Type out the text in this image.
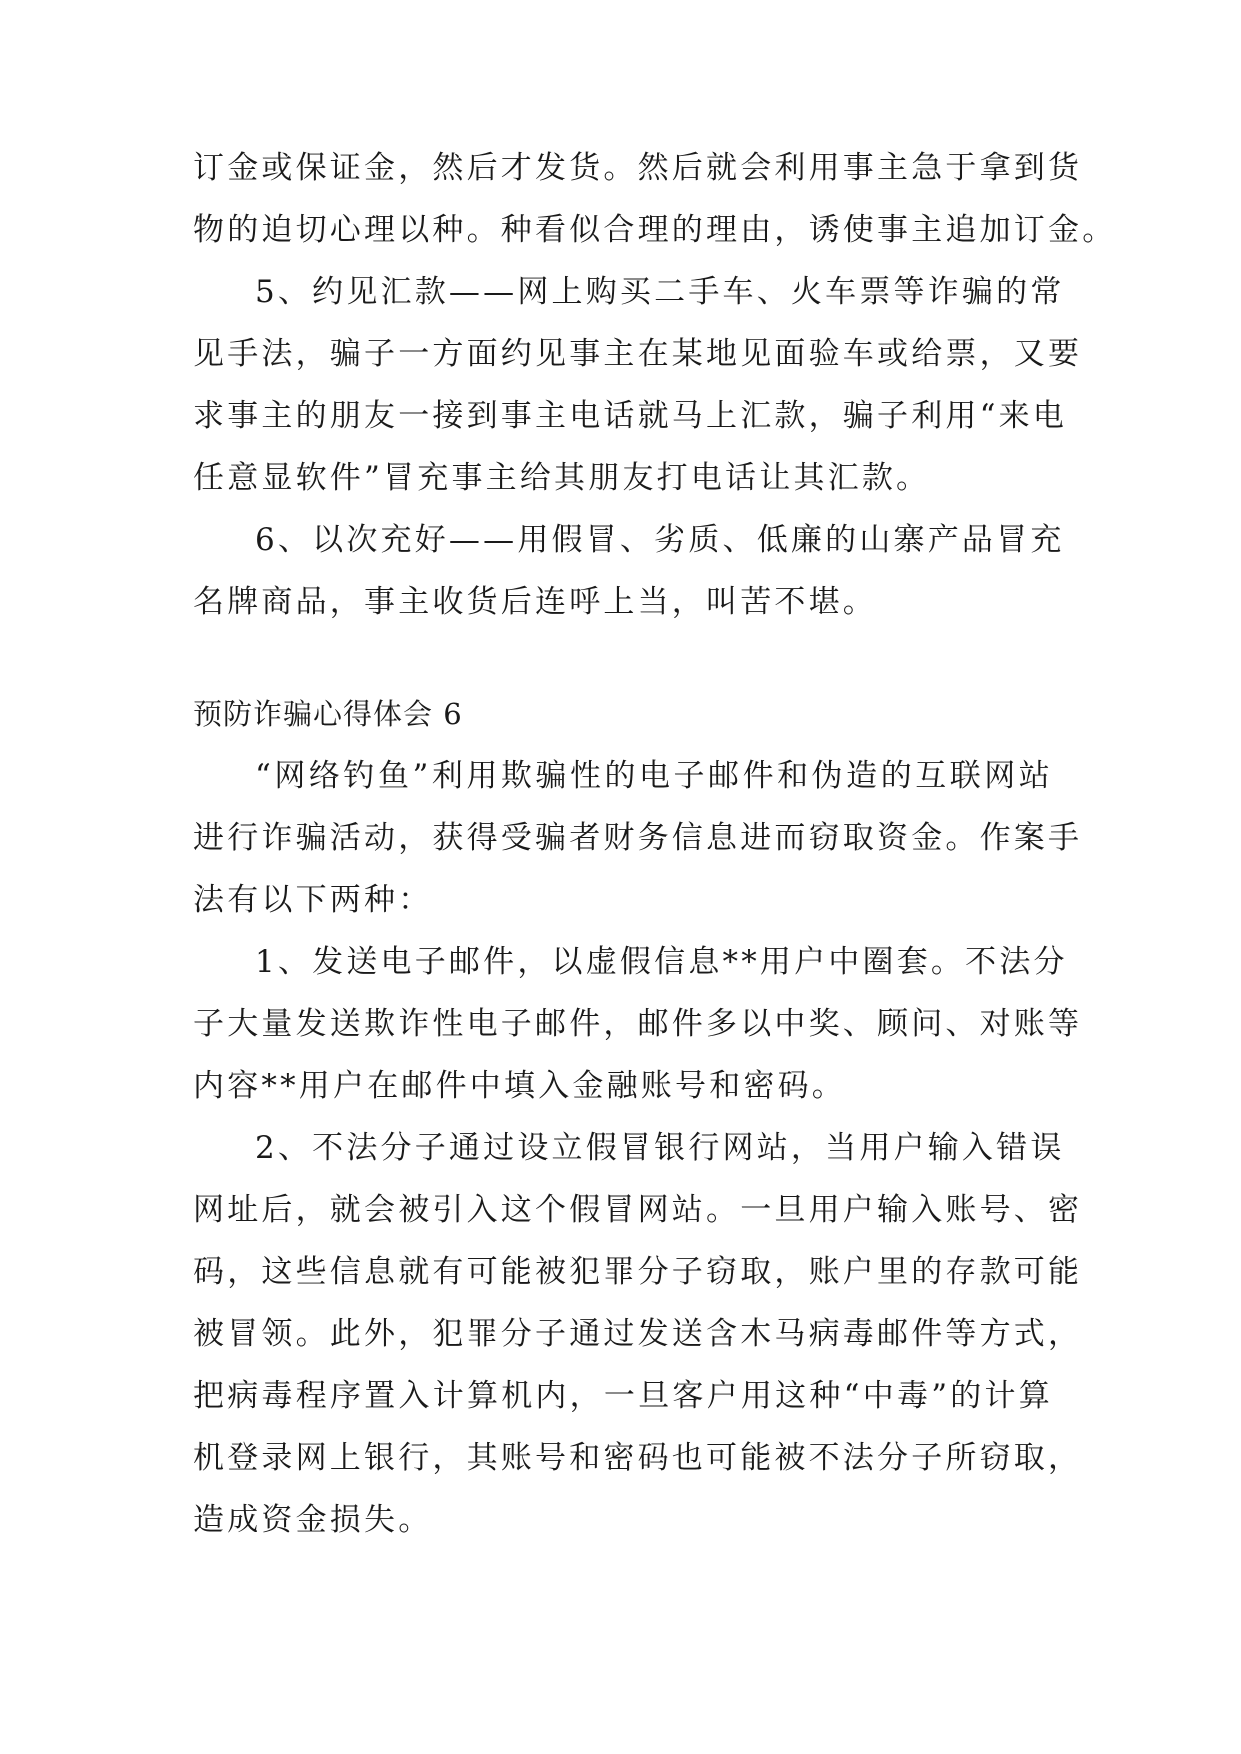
订金或保证金，然后才发货。然后就会利用事主急于拿到货
物的迫切心理以种。种看似合理的理由，诱使事主追加订金。
5、约见汇款——网上购买二手车、火车票等诈骗的常
见手法，骗子一方面约见事主在某地见面验车或给票，又要
求事主的朋友一接到事主电话就马上汇款，骗子利用“来电
任意显软件”冒充事主给其朋友打电话让其汇款。
6、以次充好——用假冒、劣质、低廉的山寨产品冒充
名牌商品，事主收货后连呼上当，叫苦不堪。
预防诈骗心得体会 6
“网络钓鱼”利用欺骗性的电子邮件和伪造的互联网站
进行诈骗活动，获得受骗者财务信息进而窃取资金。作案手
法有以下两种：
1、发送电子邮件，以虚假信息**用户中圈套。不法分
子大量发送欺诈性电子邮件，邮件多以中奖、顾问、对账等
内容**用户在邮件中填入金融账号和密码。
2、不法分子通过设立假冒银行网站，当用户输入错误
网址后，就会被引入这个假冒网站。一旦用户输入账号、密
码，这些信息就有可能被犯罪分子窃取，账户里的存款可能
被冒领。此外，犯罪分子通过发送含木马病毒邮件等方式，
把病毒程序置入计算机内，一旦客户用这种“中毒”的计算
机登录网上银行，其账号和密码也可能被不法分子所窃取，
造成资金损失。
